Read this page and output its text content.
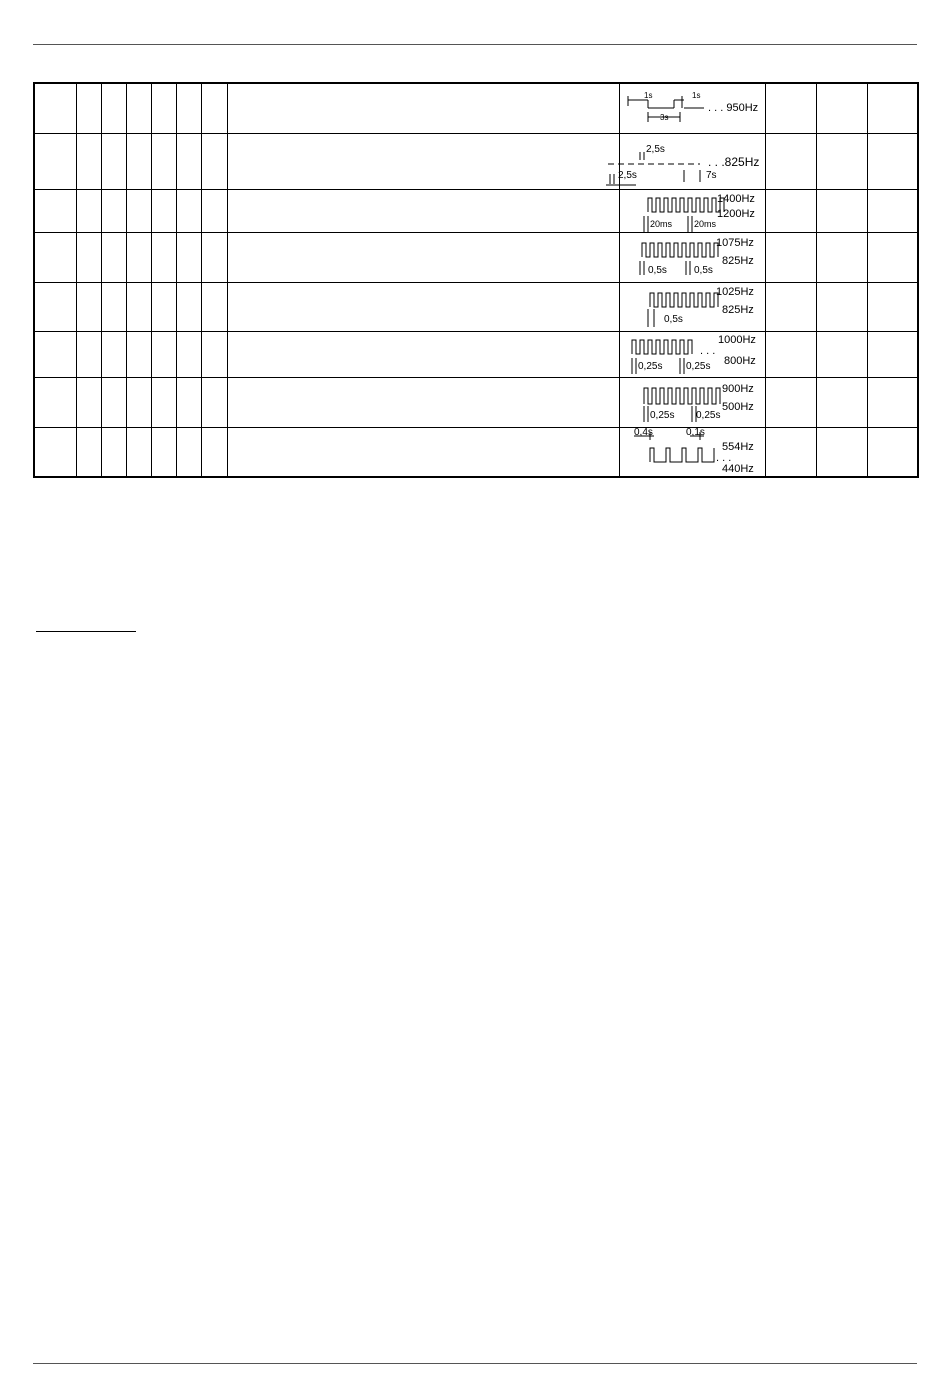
1s 1s
3s
. . . 950Hz			

2,5s
2,5s 7s
. . .825Hz			

20ms 20ms
1400Hz
1200Hz			

0,5s 0,5s
1075Hz
825Hz			

0,5s
1025Hz
825Hz			

0,25s 0,25s
. . .
1000Hz
800Hz			

0,25s 0,25s
900Hz
500Hz			

0,4s 0,1s
. . .
554Hz
440Hz			
